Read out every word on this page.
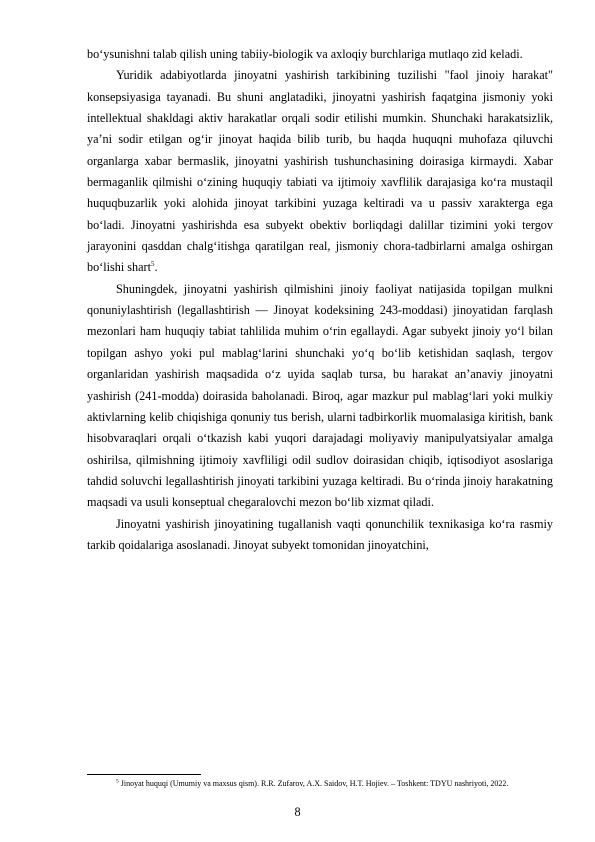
bo‘ysunishni talab qilish uning tabiiy-biologik va axloqiy burchlariga mutlaqo zid keladi.

Yuridik adabiyotlarda jinoyatni yashirish tarkibining tuzilishi "faol jinoiy harakat" konsepsiyasiga tayanadi. Bu shuni anglatadiki, jinoyatni yashirish faqatgina jismoniy yoki intellektual shakldagi aktiv harakatlar orqali sodir etilishi mumkin. Shunchaki harakatsizlik, ya’ni sodir etilgan og‘ir jinoyat haqida bilib turib, bu haqda huquqni muhofaza qiluvchi organlarga xabar bermaslik, jinoyatni yashirish tushunchasining doirasiga kirmaydi. Xabar bermaganlik qilmishi o‘zining huquqiy tabiati va ijtimoiy xavflilik darajasiga ko‘ra mustaqil huquqbuzarlik yoki alohida jinoyat tarkibini yuzaga keltiradi va u passiv xarakterga ega bo‘ladi. Jinoyatni yashirishda esa subyekt obektiv borliqdagi dalillar tizimini yoki tergov jarayonini qasddan chalg‘itishga qaratilgan real, jismoniy chora-tadbirlarni amalga oshirgan bo‘lishi shart$^5$.

Shuningdek, jinoyatni yashirish qilmishini jinoiy faoliyat natijasida topilgan mulkni qonuniylashtirish (legallashtirish — Jinoyat kodeksining 243-moddasi) jinoyatidan farqlash mezonlari ham huquqiy tabiat tahlilida muhim o‘rin egallaydi. Agar subyekt jinoiy yo‘l bilan topilgan ashyo yoki pul mablag‘larini shunchaki yo‘q bo‘lib ketishidan saqlash, tergov organlaridan yashirish maqsadida o‘z uyida saqlab tursa, bu harakat an’anaviy jinoyatni yashirish (241-modda) doirasida baholanadi. Biroq, agar mazkur pul mablag‘lari yoki mulkiy aktivlarning kelib chiqishiga qonuniy tus berish, ularni tadbirkorlik muomalasiga kiritish, bank hisobvaraqlari orqali o‘tkazish kabi yuqori darajadagi moliyaviy manipulyatsiyalar amalga oshirilsa, qilmishning ijtimoiy xavfliligi odil sudlov doirasidan chiqib, iqtisodiyot asoslariga tahdid soluvchi legallashtirish jinoyati tarkibini yuzaga keltiradi. Bu o‘rinda jinoiy harakatning maqsadi va usuli konseptual chegaralovchi mezon bo‘lib xizmat qiladi.

Jinoyatni yashirish jinoyatining tugallanish vaqti qonunchilik texnikasiga ko‘ra rasmiy tarkib qoidalariga asoslanadi. Jinoyat subyekt tomonidan jinoyatchini,

$^5$ Jinoyat huquqi (Umumiy va maxsus qism). R.R. Zufarov, A.X. Saidov, H.T. Hojiev. – Toshkent: TDYU nashriyoti, 2022.

8
